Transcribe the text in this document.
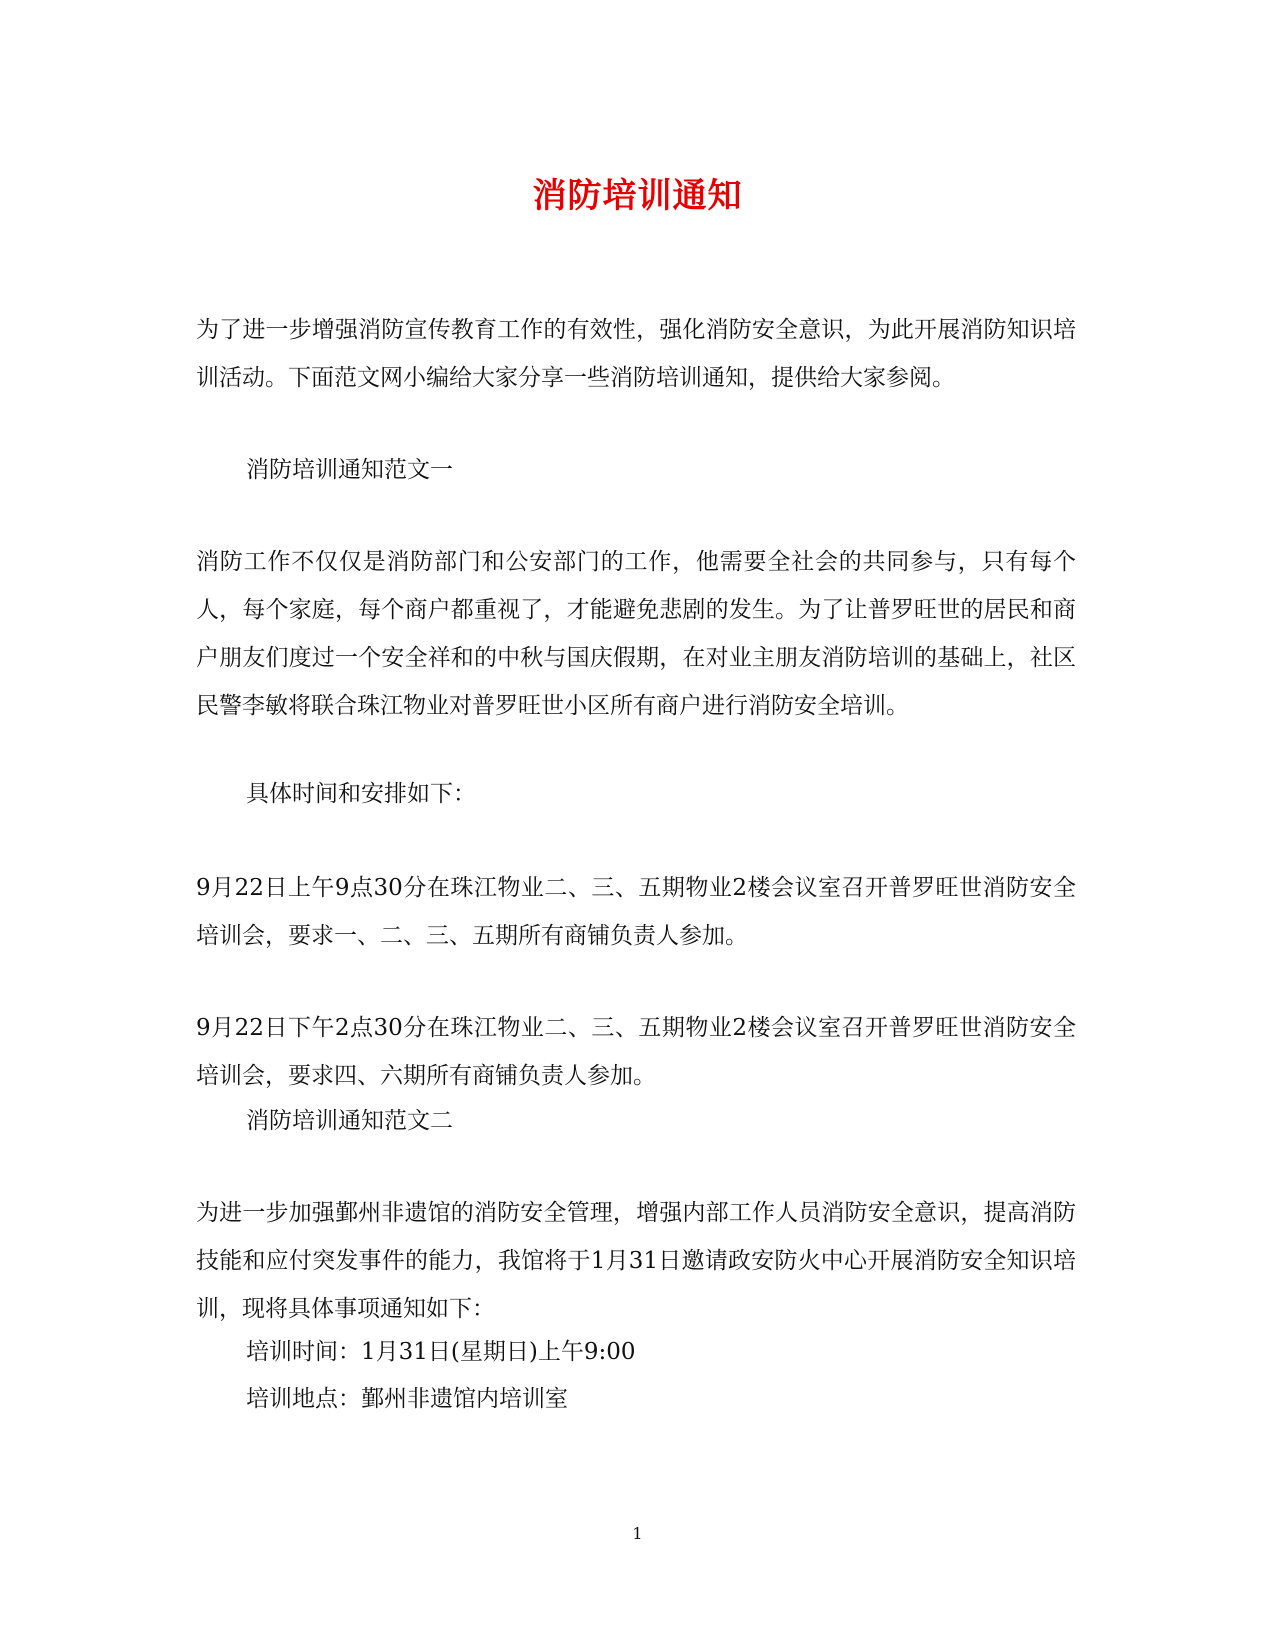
消防培训通知

为了进一步增强消防宣传教育工作的有效性，强化消防安全意识，为此开展消防知识培训活动。下面范文网小编给大家分享一些消防培训通知，提供给大家参阅。

消防培训通知范文一

消防工作不仅仅是消防部门和公安部门的工作，他需要全社会的共同参与，只有每个人，每个家庭，每个商户都重视了，才能避免悲剧的发生。为了让普罗旺世的居民和商户朋友们度过一个安全祥和的中秋与国庆假期，在对业主朋友消防培训的基础上，社区民警李敏将联合珠江物业对普罗旺世小区所有商户进行消防安全培训。

具体时间和安排如下：

9月22日上午9点30分在珠江物业二、三、五期物业2楼会议室召开普罗旺世消防安全培训会，要求一、二、三、五期所有商铺负责人参加。

9月22日下午2点30分在珠江物业二、三、五期物业2楼会议室召开普罗旺世消防安全培训会，要求四、六期所有商铺负责人参加。

消防培训通知范文二

为进一步加强鄞州非遗馆的消防安全管理，增强内部工作人员消防安全意识，提高消防技能和应付突发事件的能力，我馆将于1月31日邀请政安防火中心开展消防安全知识培训，现将具体事项通知如下：

培训时间：1月31日(星期日)上午9:00

培训地点：鄞州非遗馆内培训室

1
